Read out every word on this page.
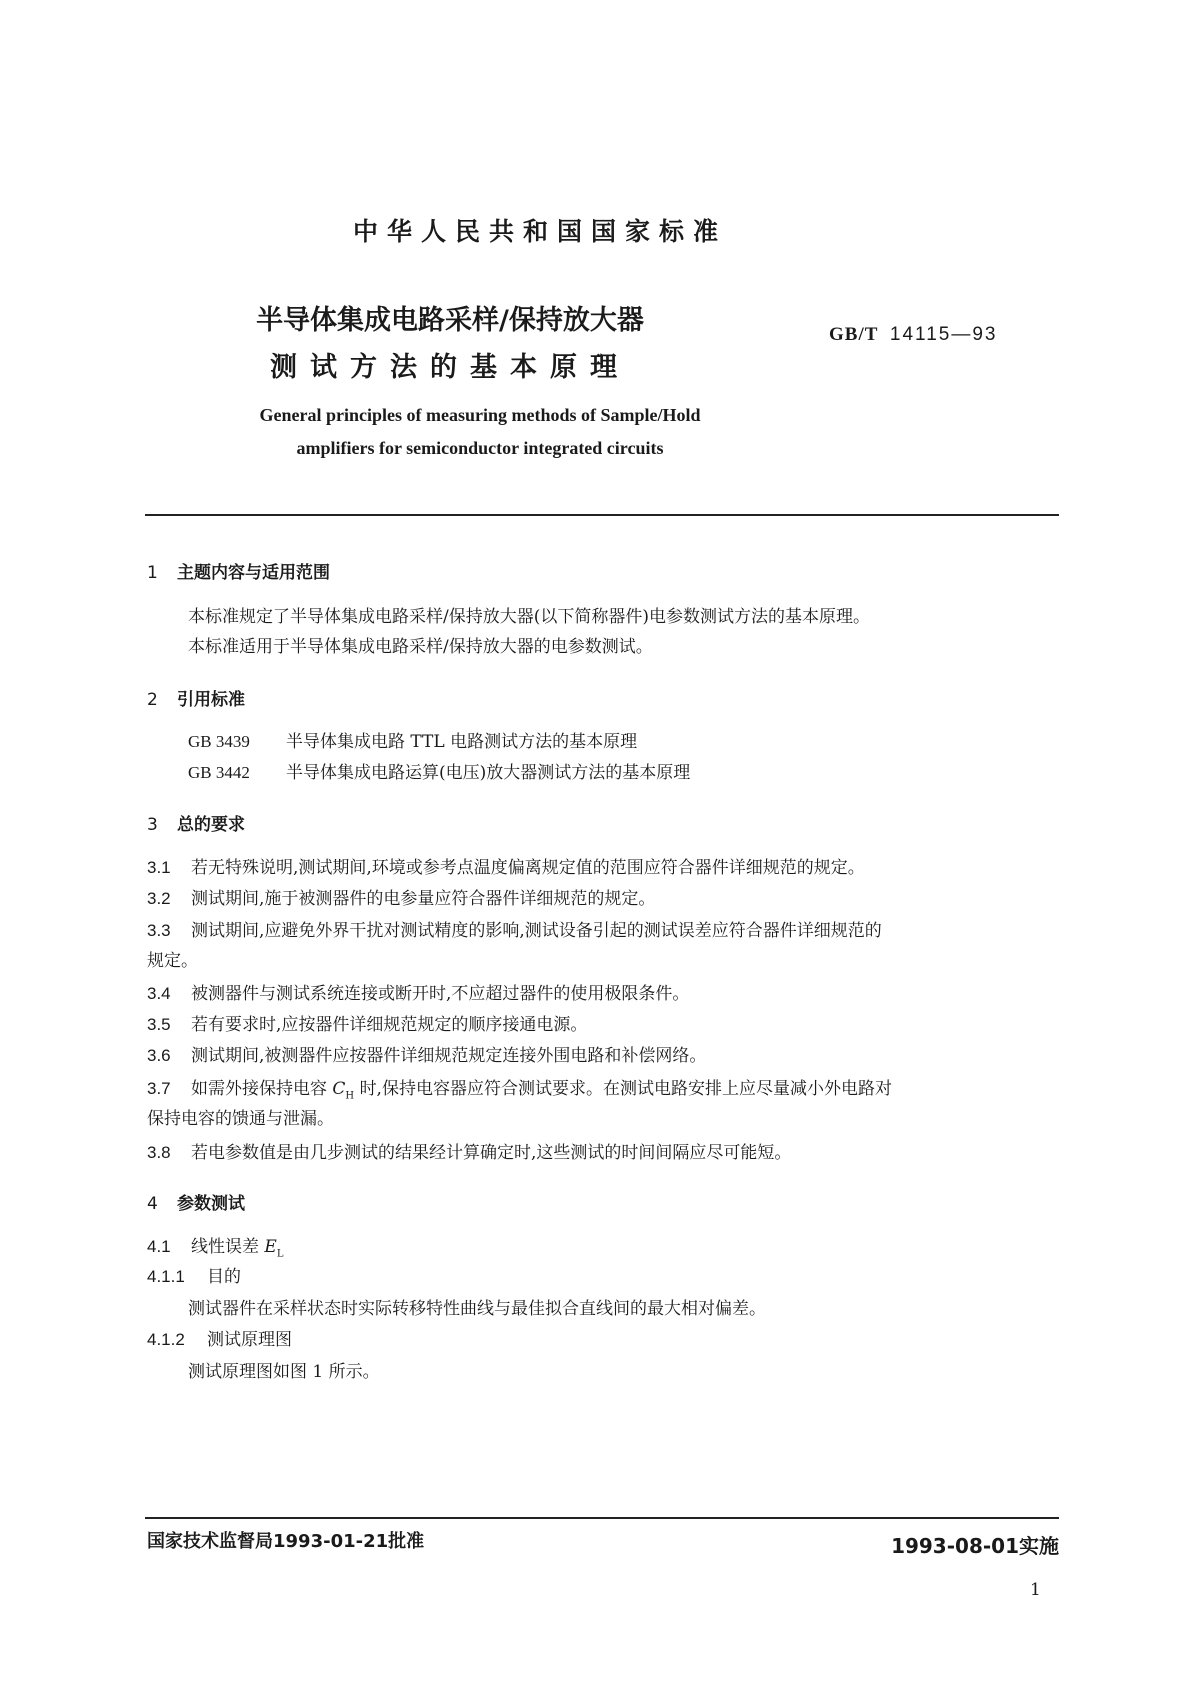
中华人民共和国国家标准
半导体集成电路采样/保持放大器
测试方法的基本原理
GB/T 14115—93
General principles of measuring methods of Sample/Hold
amplifiers for semiconductor integrated circuits
1 主题内容与适用范围
本标准规定了半导体集成电路采样/保持放大器(以下简称器件)电参数测试方法的基本原理。
本标准适用于半导体集成电路采样/保持放大器的电参数测试。
2 引用标准
GB 3439 半导体集成电路 TTL 电路测试方法的基本原理
GB 3442 半导体集成电路运算(电压)放大器测试方法的基本原理
3 总的要求
3.1 若无特殊说明,测试期间,环境或参考点温度偏离规定值的范围应符合器件详细规范的规定。
3.2 测试期间,施于被测器件的电参量应符合器件详细规范的规定。
3.3 测试期间,应避免外界干扰对测试精度的影响,测试设备引起的测试误差应符合器件详细规范的
规定。
3.4 被测器件与测试系统连接或断开时,不应超过器件的使用极限条件。
3.5 若有要求时,应按器件详细规范规定的顺序接通电源。
3.6 测试期间,被测器件应按器件详细规范规定连接外围电路和补偿网络。
3.7 如需外接保持电容 $C_H$ 时,保持电容器应符合测试要求。在测试电路安排上应尽量减小外电路对
保持电容的馈通与泄漏。
3.8 若电参数值是由几步测试的结果经计算确定时,这些测试的时间间隔应尽可能短。
4 参数测试
4.1 线性误差 $E_L$
4.1.1 目的
测试器件在采样状态时实际转移特性曲线与最佳拟合直线间的最大相对偏差。
4.1.2 测试原理图
测试原理图如图 1 所示。
国家技术监督局1993-01-21批准	1993-08-01实施
1
